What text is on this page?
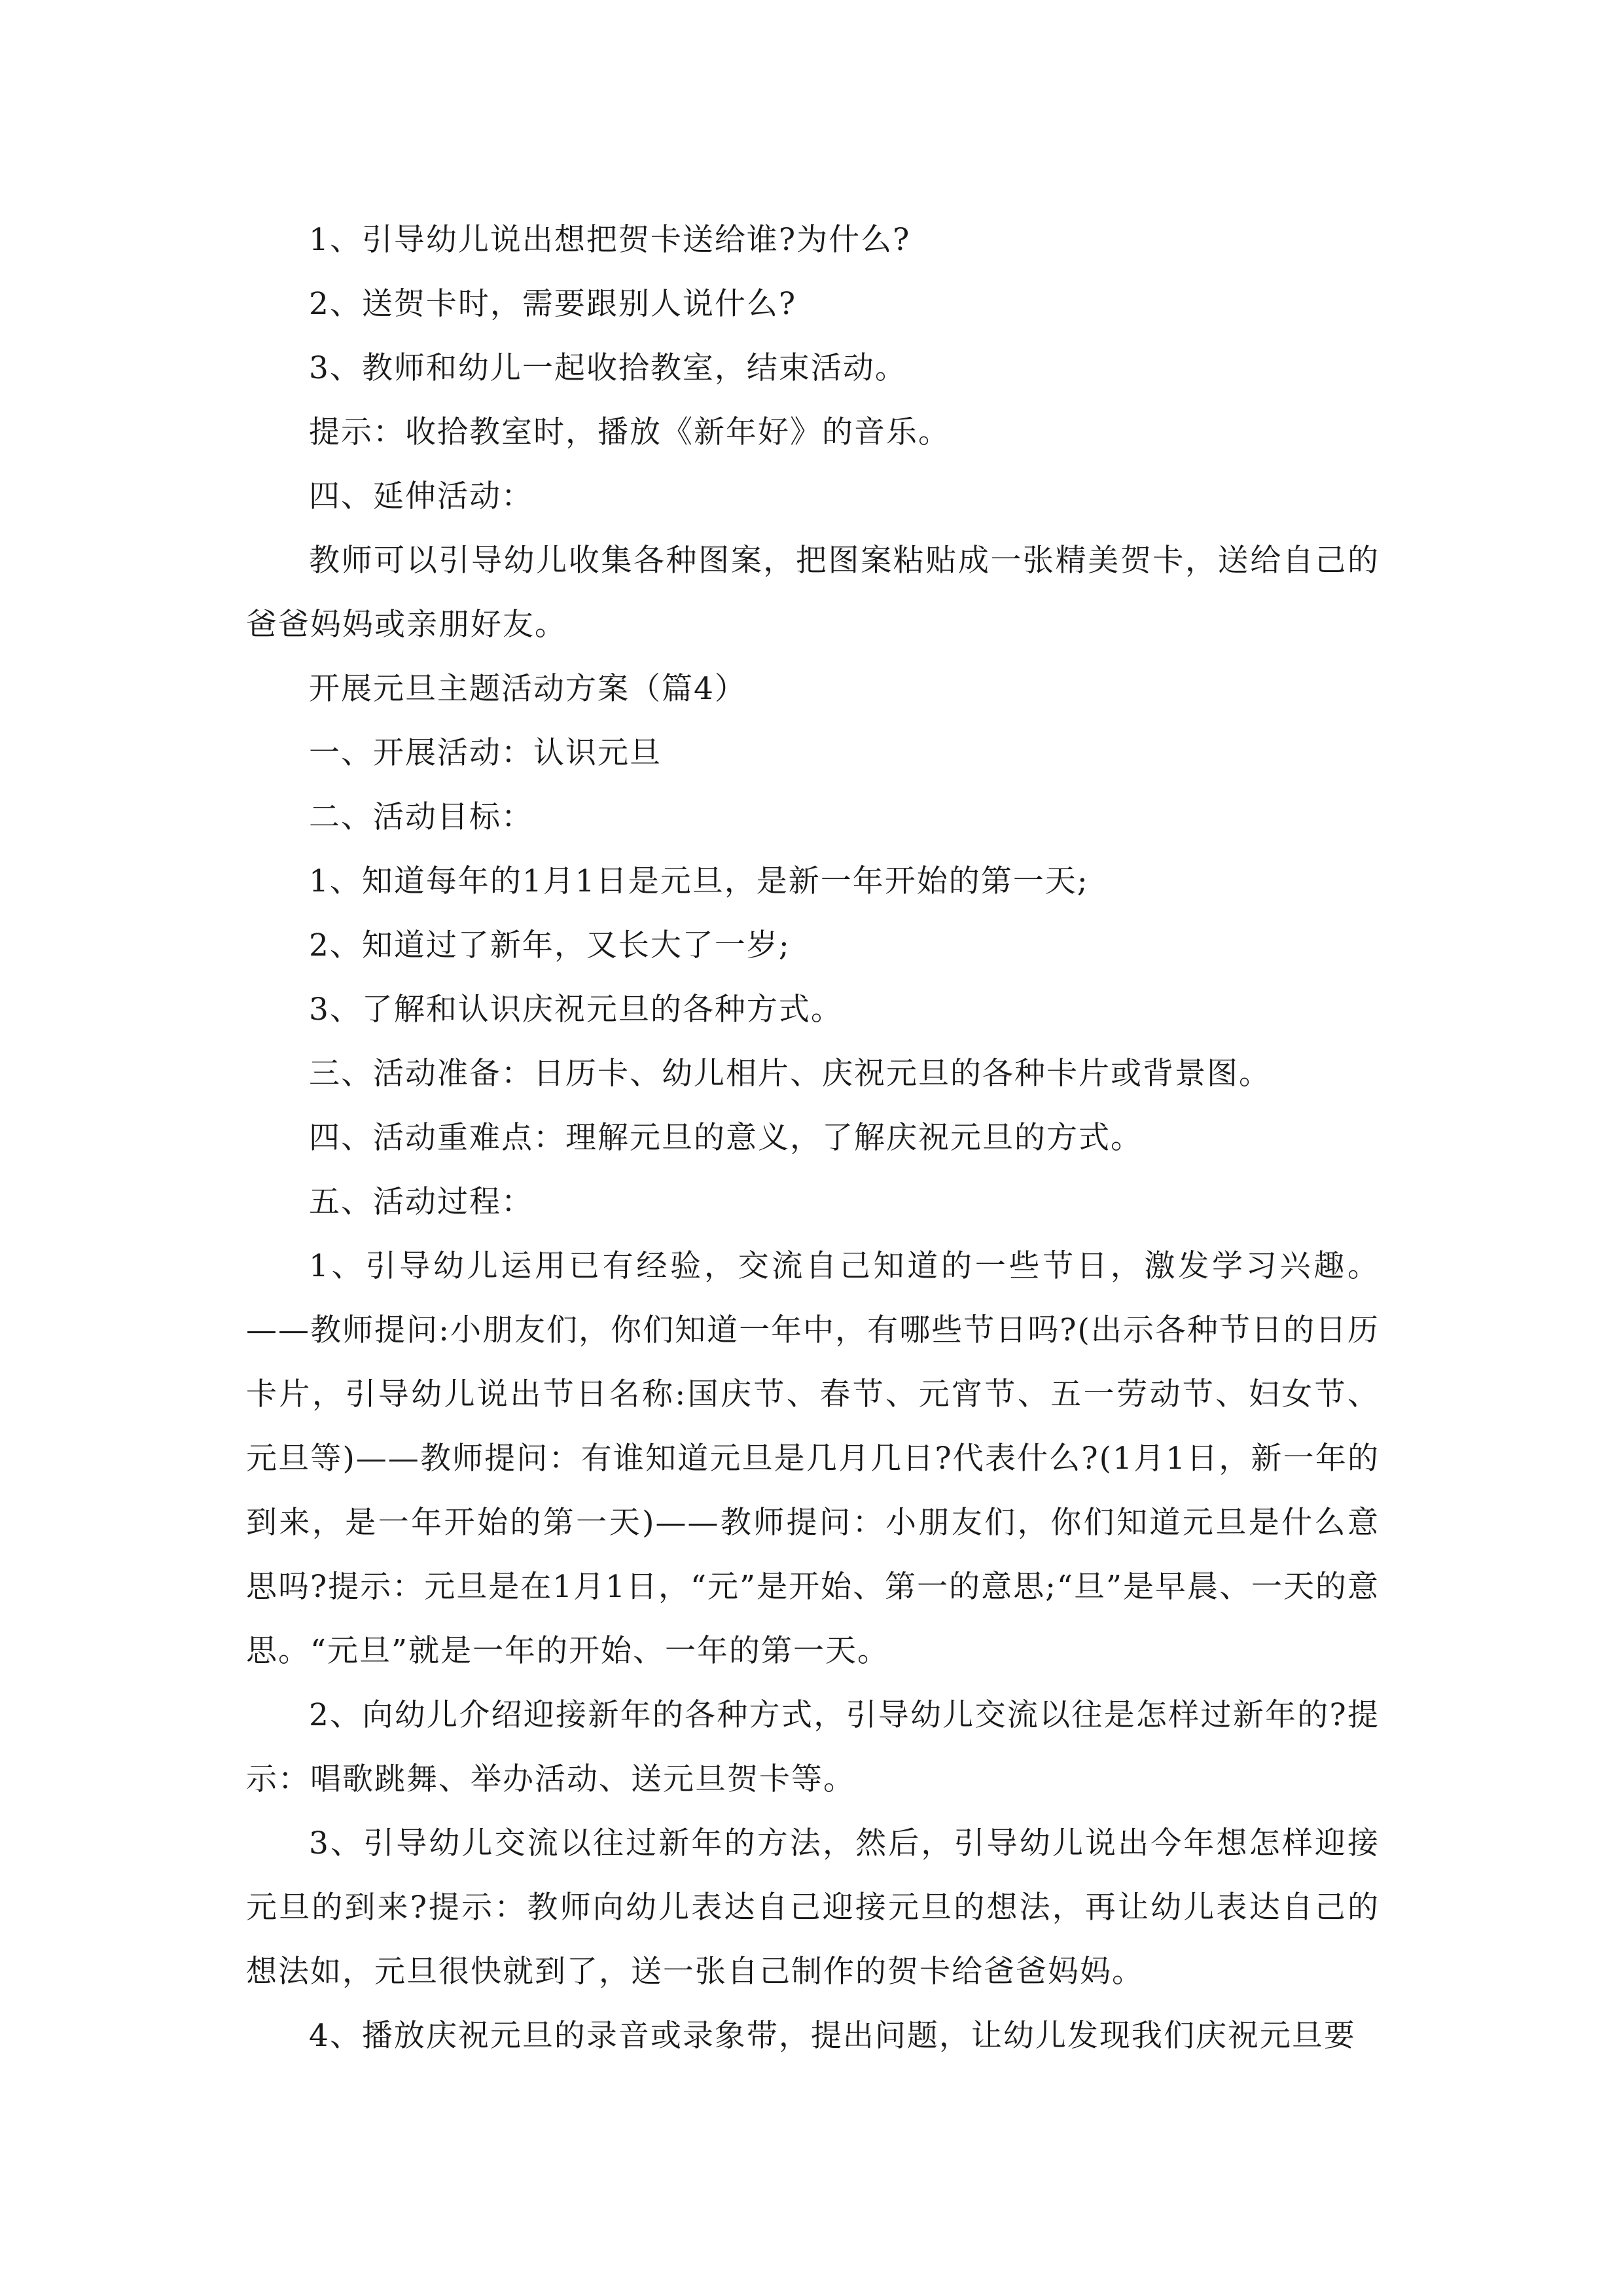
1、引导幼儿说出想把贺卡送给谁?为什么?

2、送贺卡时，需要跟别人说什么?

3、教师和幼儿一起收拾教室，结束活动。

提示：收拾教室时，播放《新年好》的音乐。

四、延伸活动：

教师可以引导幼儿收集各种图案，把图案粘贴成一张精美贺卡，送给自己的爸爸妈妈或亲朋好友。

开展元旦主题活动方案（篇4）

一、开展活动：认识元旦

二、活动目标：

1、知道每年的1月1日是元旦，是新一年开始的第一天;

2、知道过了新年，又长大了一岁;

3、了解和认识庆祝元旦的各种方式。

三、活动准备：日历卡、幼儿相片、庆祝元旦的各种卡片或背景图。

四、活动重难点：理解元旦的意义，了解庆祝元旦的方式。

五、活动过程：

1、引导幼儿运用已有经验，交流自己知道的一些节日，激发学习兴趣。——教师提问:小朋友们，你们知道一年中，有哪些节日吗?(出示各种节日的日历卡片，引导幼儿说出节日名称:国庆节、春节、元宵节、五一劳动节、妇女节、元旦等)——教师提问：有谁知道元旦是几月几日?代表什么?(1月1日，新一年的到来，是一年开始的第一天)——教师提问：小朋友们，你们知道元旦是什么意思吗?提示：元旦是在1月1日，“元”是开始、第一的意思;“旦”是早晨、一天的意思。“元旦”就是一年的开始、一年的第一天。

2、向幼儿介绍迎接新年的各种方式，引导幼儿交流以往是怎样过新年的?提示：唱歌跳舞、举办活动、送元旦贺卡等。

3、引导幼儿交流以往过新年的方法，然后，引导幼儿说出今年想怎样迎接元旦的到来?提示：教师向幼儿表达自己迎接元旦的想法，再让幼儿表达自己的想法如，元旦很快就到了，送一张自己制作的贺卡给爸爸妈妈。

4、播放庆祝元旦的录音或录象带，提出问题，让幼儿发现我们庆祝元旦要
